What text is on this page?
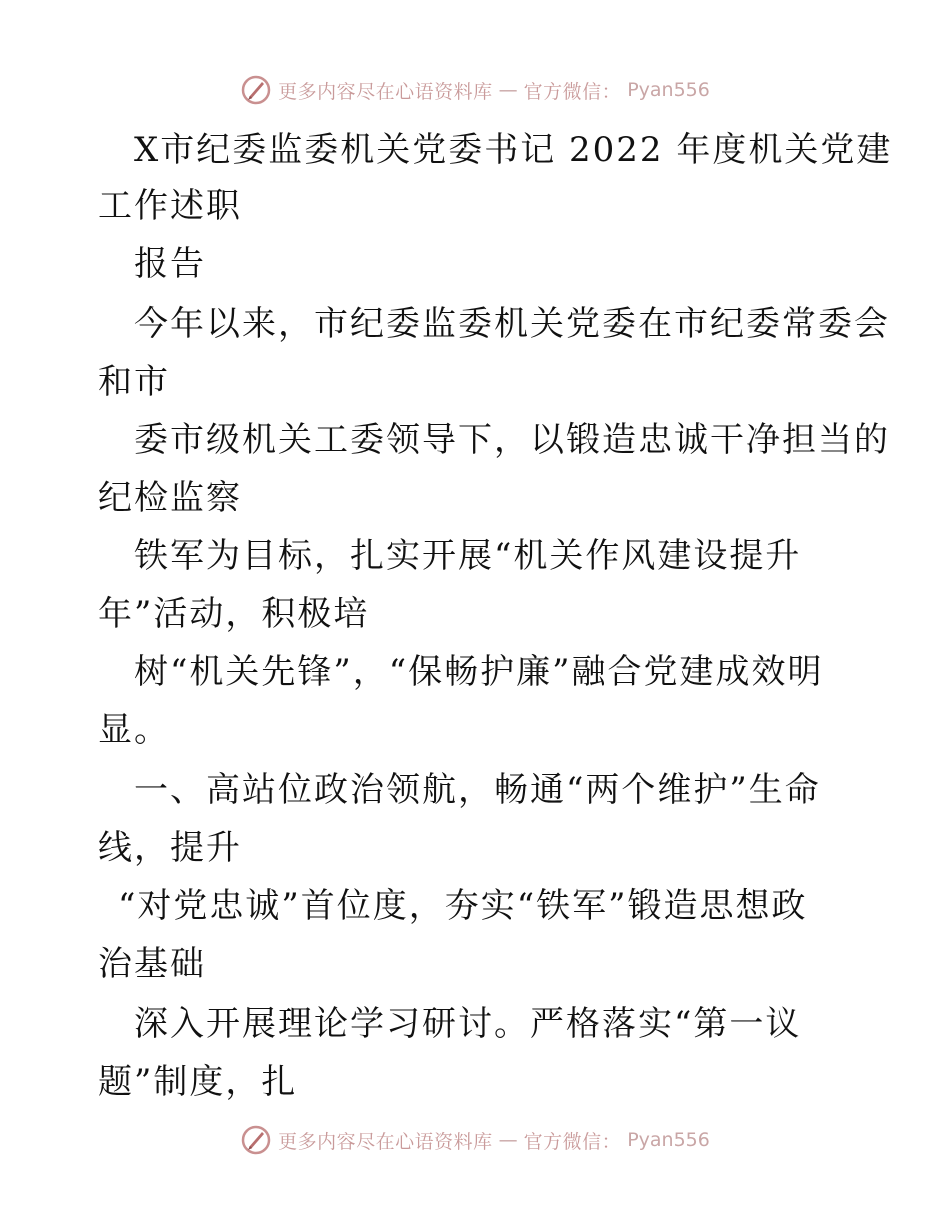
更多内容尽在心语资料库 — 官方微信： Pyan556
X市纪委监委机关党委书记 2022 年度机关党建
工作述职
报告
今年以来，市纪委监委机关党委在市纪委常委会
和市
委市级机关工委领导下，以锻造忠诚干净担当的
纪检监察
铁军为目标，扎实开展“机关作风建设提升
年”活动，积极培
树“机关先锋”，“保畅护廉”融合党建成效明
显。
一、高站位政治领航，畅通“两个维护”生命
线，提升
“对党忠诚”首位度，夯实“铁军”锻造思想政
治基础
深入开展理论学习研讨。严格落实“第一议
题”制度，扎
更多内容尽在心语资料库 — 官方微信： Pyan556
